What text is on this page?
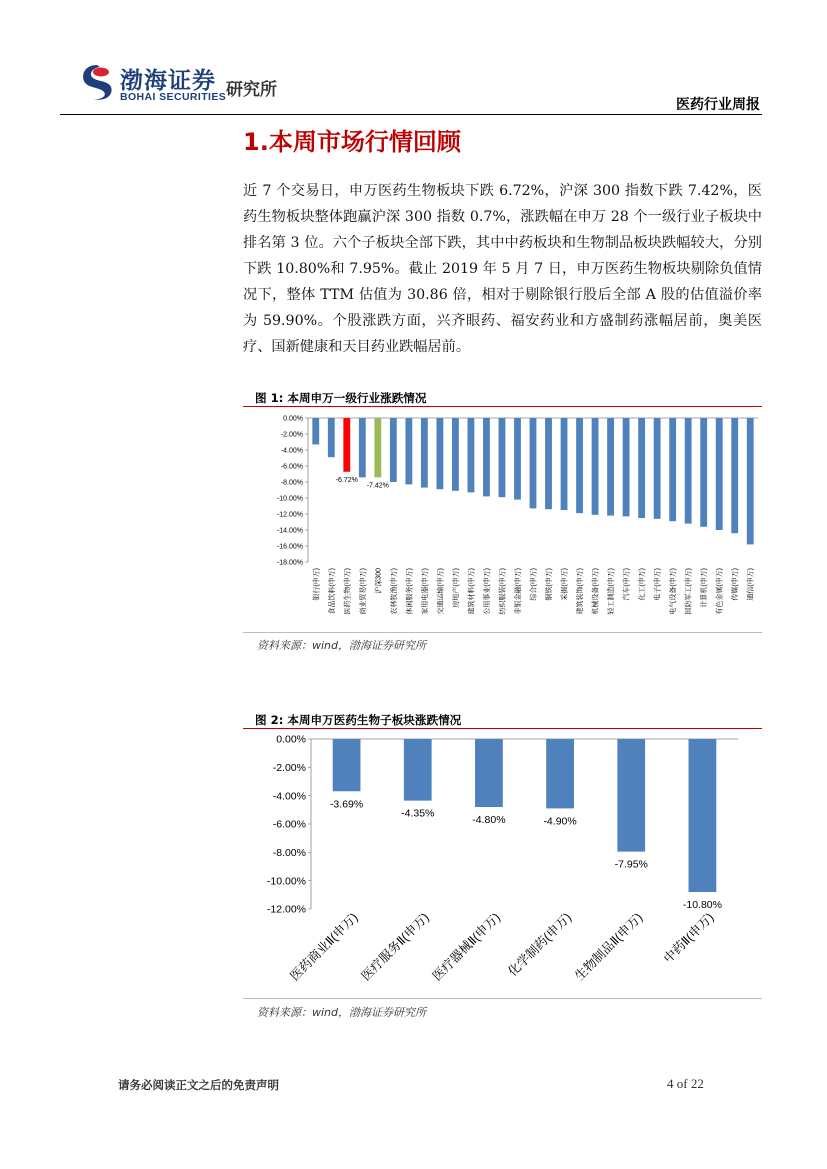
渤海证券
BOHAI SECURITIES 研究所
医药行业周报
1.本周市场行情回顾
近 7 个交易日，申万医药生物板块下跌 6.72%，沪深 300 指数下跌 7.42%，医药生物板块整体跑赢沪深 300 指数 0.7%，涨跌幅在申万 28 个一级行业子板块中排名第 3 位。六个子板块全部下跌，其中中药板块和生物制品板块跌幅较大，分别下跌 10.80%和 7.95%。截止 2019 年 5 月 7 日，申万医药生物板块剔除负值情况下，整体 TTM 估值为 30.86 倍，相对于剔除银行股后全部 A 股的估值溢价率为 59.90%。个股涨跌方面，兴齐眼药、福安药业和方盛制药涨幅居前，奥美医疗、国新健康和天目药业跌幅居前。
图 1: 本周申万一级行业涨跌情况
0.00%
-2.00%
-4.00%
-6.00%
-8.00%
-10.00%
-12.00%
-14.00%
-16.00%
-18.00%
银行(申万) 食品饮料(申万)
-6.72%
医药生物(申万) 商业贸易(申万)
-7.42%
沪深300 农林牧渔(申万) 休闲服务(申万) 家用电器(申万) 交通运输(申万) 房地产(申万) 建筑材料(申万) 公用事业(申万) 纺织服装(申万) 非银金融(申万) 综合(申万) 钢铁(申万) 采掘(申万) 建筑装饰(申万) 机械设备(申万) 轻工制造(申万) 汽车(申万) 化工(申万) 电子(申万) 电气设备(申万) 国防军工(申万) 计算机(申万) 有色金属(申万) 传媒(申万) 通信(申万)
资料来源：wind，渤海证券研究所
图 2: 本周申万医药生物子板块涨跌情况
0.00%
-2.00%
-4.00%
-6.00%
-8.00%
-10.00%
-12.00%
-3.69%
医药商业Ⅱ(申万)
-4.35%
医疗服务Ⅱ(申万)
-4.80%
医疗器械Ⅱ(申万)
-4.90%
化学制药(申万)
-7.95%
生物制品Ⅱ(申万)
-10.80%
中药Ⅱ(申万)
资料来源：wind，渤海证券研究所
请务必阅读正文之后的免责声明	4 of 22
